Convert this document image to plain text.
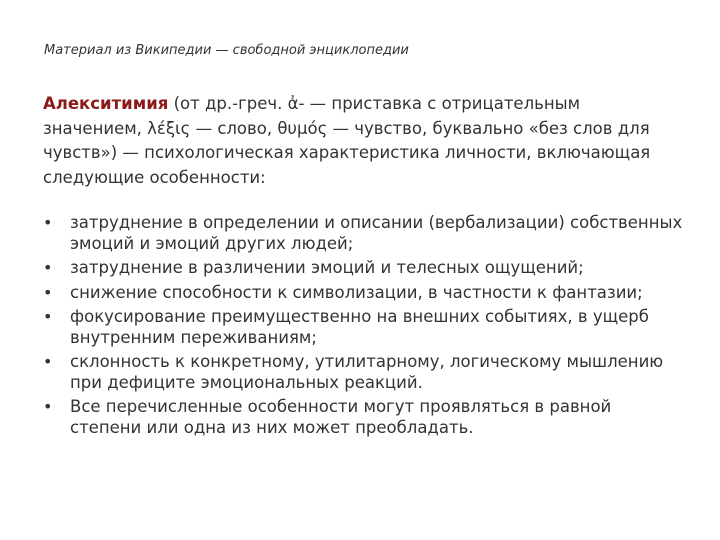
Материал из Википедии — свободной энциклопедии
Алекситимия (от др.-греч. ἀ- — приставка с отрицательным значением, λέξις — слово, θυμός — чувство, буквально «без слов для чувств») — психологическая характеристика личности, включающая следующие особенности:
• затруднение в определении и описании (вербализации) собственных эмоций и эмоций других людей;
• затруднение в различении эмоций и телесных ощущений;
• снижение способности к символизации, в частности к фантазии;
• фокусирование преимущественно на внешних событиях, в ущерб внутренним переживаниям;
• склонность к конкретному, утилитарному, логическому мышлению при дефиците эмоциональных реакций.
• Все перечисленные особенности могут проявляться в равной степени или одна из них может преобладать.
